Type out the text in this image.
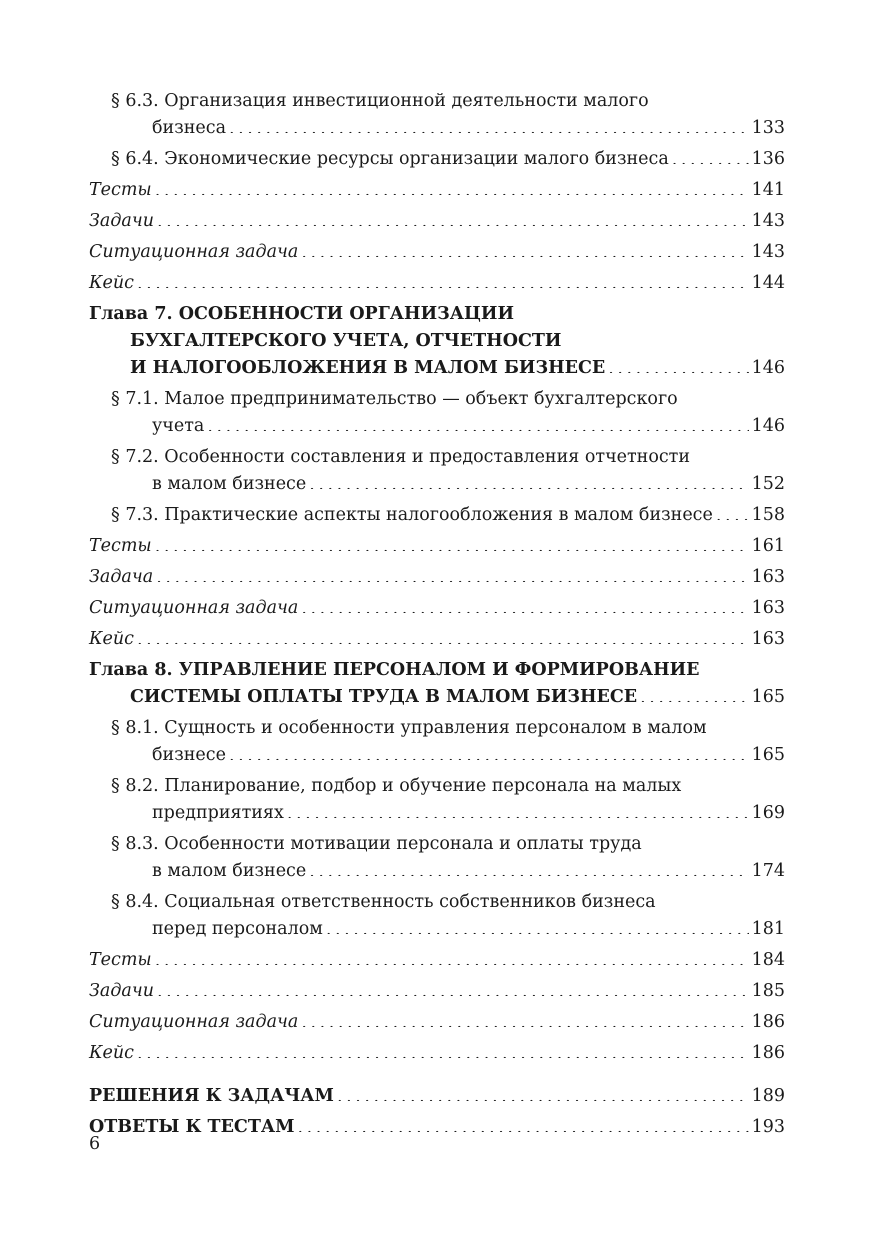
§ 6.3. Организация инвестиционной деятельности малого
бизнеса . . .	133
§ 6.4. Экономические ресурсы организации малого бизнеса . . .	136
Тесты . . .	141
Задачи . . .	143
Ситуационная задача . . .	143
Кейс . . .	144
Глава 7. ОСОБЕННОСТИ ОРГАНИЗАЦИИ
БУХГАЛТЕРСКОГО УЧЕТА, ОТЧЕТНОСТИ
И НАЛОГООБЛОЖЕНИЯ В МАЛОМ БИЗНЕСЕ . . .	146
§ 7.1. Малое предпринимательство — объект бухгалтерского
учета . . .	146
§ 7.2. Особенности составления и предоставления отчетности
в малом бизнесе . . .	152
§ 7.3. Практические аспекты налогообложения в малом бизнесе . . . 158
Тесты . . .	161
Задача . . .	163
Ситуационная задача . . .	163
Кейс . . .	163
Глава 8. УПРАВЛЕНИЕ ПЕРСОНАЛОМ И ФОРМИРОВАНИЕ
СИСТЕМЫ ОПЛАТЫ ТРУДА В МАЛОМ БИЗНЕСЕ . . .	165
§ 8.1. Сущность и особенности управления персоналом в малом
бизнесе . . .	165
§ 8.2. Планирование, подбор и обучение персонала на малых
предприятиях . . .	169
§ 8.3. Особенности мотивации персонала и оплаты труда
в малом бизнесе . . .	174
§ 8.4. Социальная ответственность собственников бизнеса
перед персоналом . . .	181
Тесты . . .	184
Задачи . . .	185
Ситуационная задача . . .	186
Кейс . . .	186
РЕШЕНИЯ К ЗАДАЧАМ . . .	189
ОТВЕТЫ К ТЕСТАМ . . .	193
6
